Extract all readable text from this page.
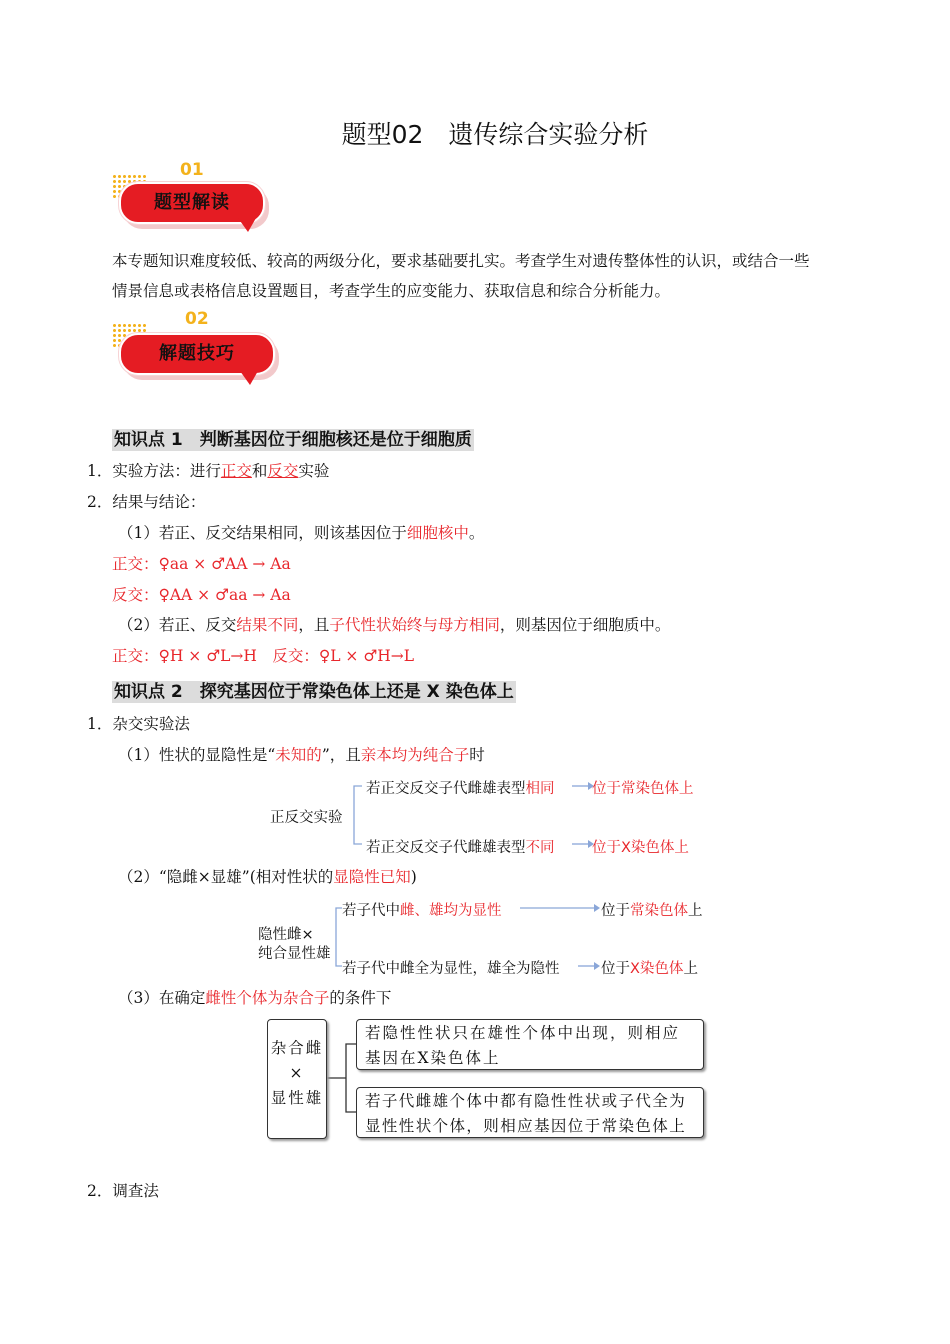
题型02　遗传综合实验分析
01
题型解读
本专题知识难度较低、较高的两级分化，要求基础要扎实。考查学生对遗传整体性的认识，或结合一些
情景信息或表格信息设置题目，考查学生的应变能力、获取信息和综合分析能力。
02
解题技巧
知识点 1　判断基因位于细胞核还是位于细胞质
1．实验方法：进行正交和反交实验
2．结果与结论：
（1）若正、反交结果相同，则该基因位于细胞核中。
正交：♀aa × ♂AA → Aa
反交：♀AA × ♂aa → Aa
（2）若正、反交结果不同，且子代性状始终与母方相同，则基因位于细胞质中。
正交：♀H × ♂L→H　反交：♀L × ♂H→L
知识点 2　探究基因位于常染色体上还是 X 染色体上
1．杂交实验法
（1）性状的显隐性是“未知的”，且亲本均为纯合子时
正反交实验
若正交反交子代雌雄表型相同	位于常染色体上
若正交反交子代雌雄表型不同	位于X染色体上
（2）“隐雌×显雄”(相对性状的显隐性已知)
隐性雌×
纯合显性雄
若子代中雌、雄均为显性	位于常染色体上
若子代中雌全为显性，雄全为隐性	位于X染色体上
（3）在确定雌性个体为杂合子的条件下
杂合雌
×
显性雄
若隐性性状只在雄性个体中出现，则相应
基因在X染色体上
若子代雌雄个体中都有隐性性状或子代全为
显性性状个体，则相应基因位于常染色体上
2．调查法
